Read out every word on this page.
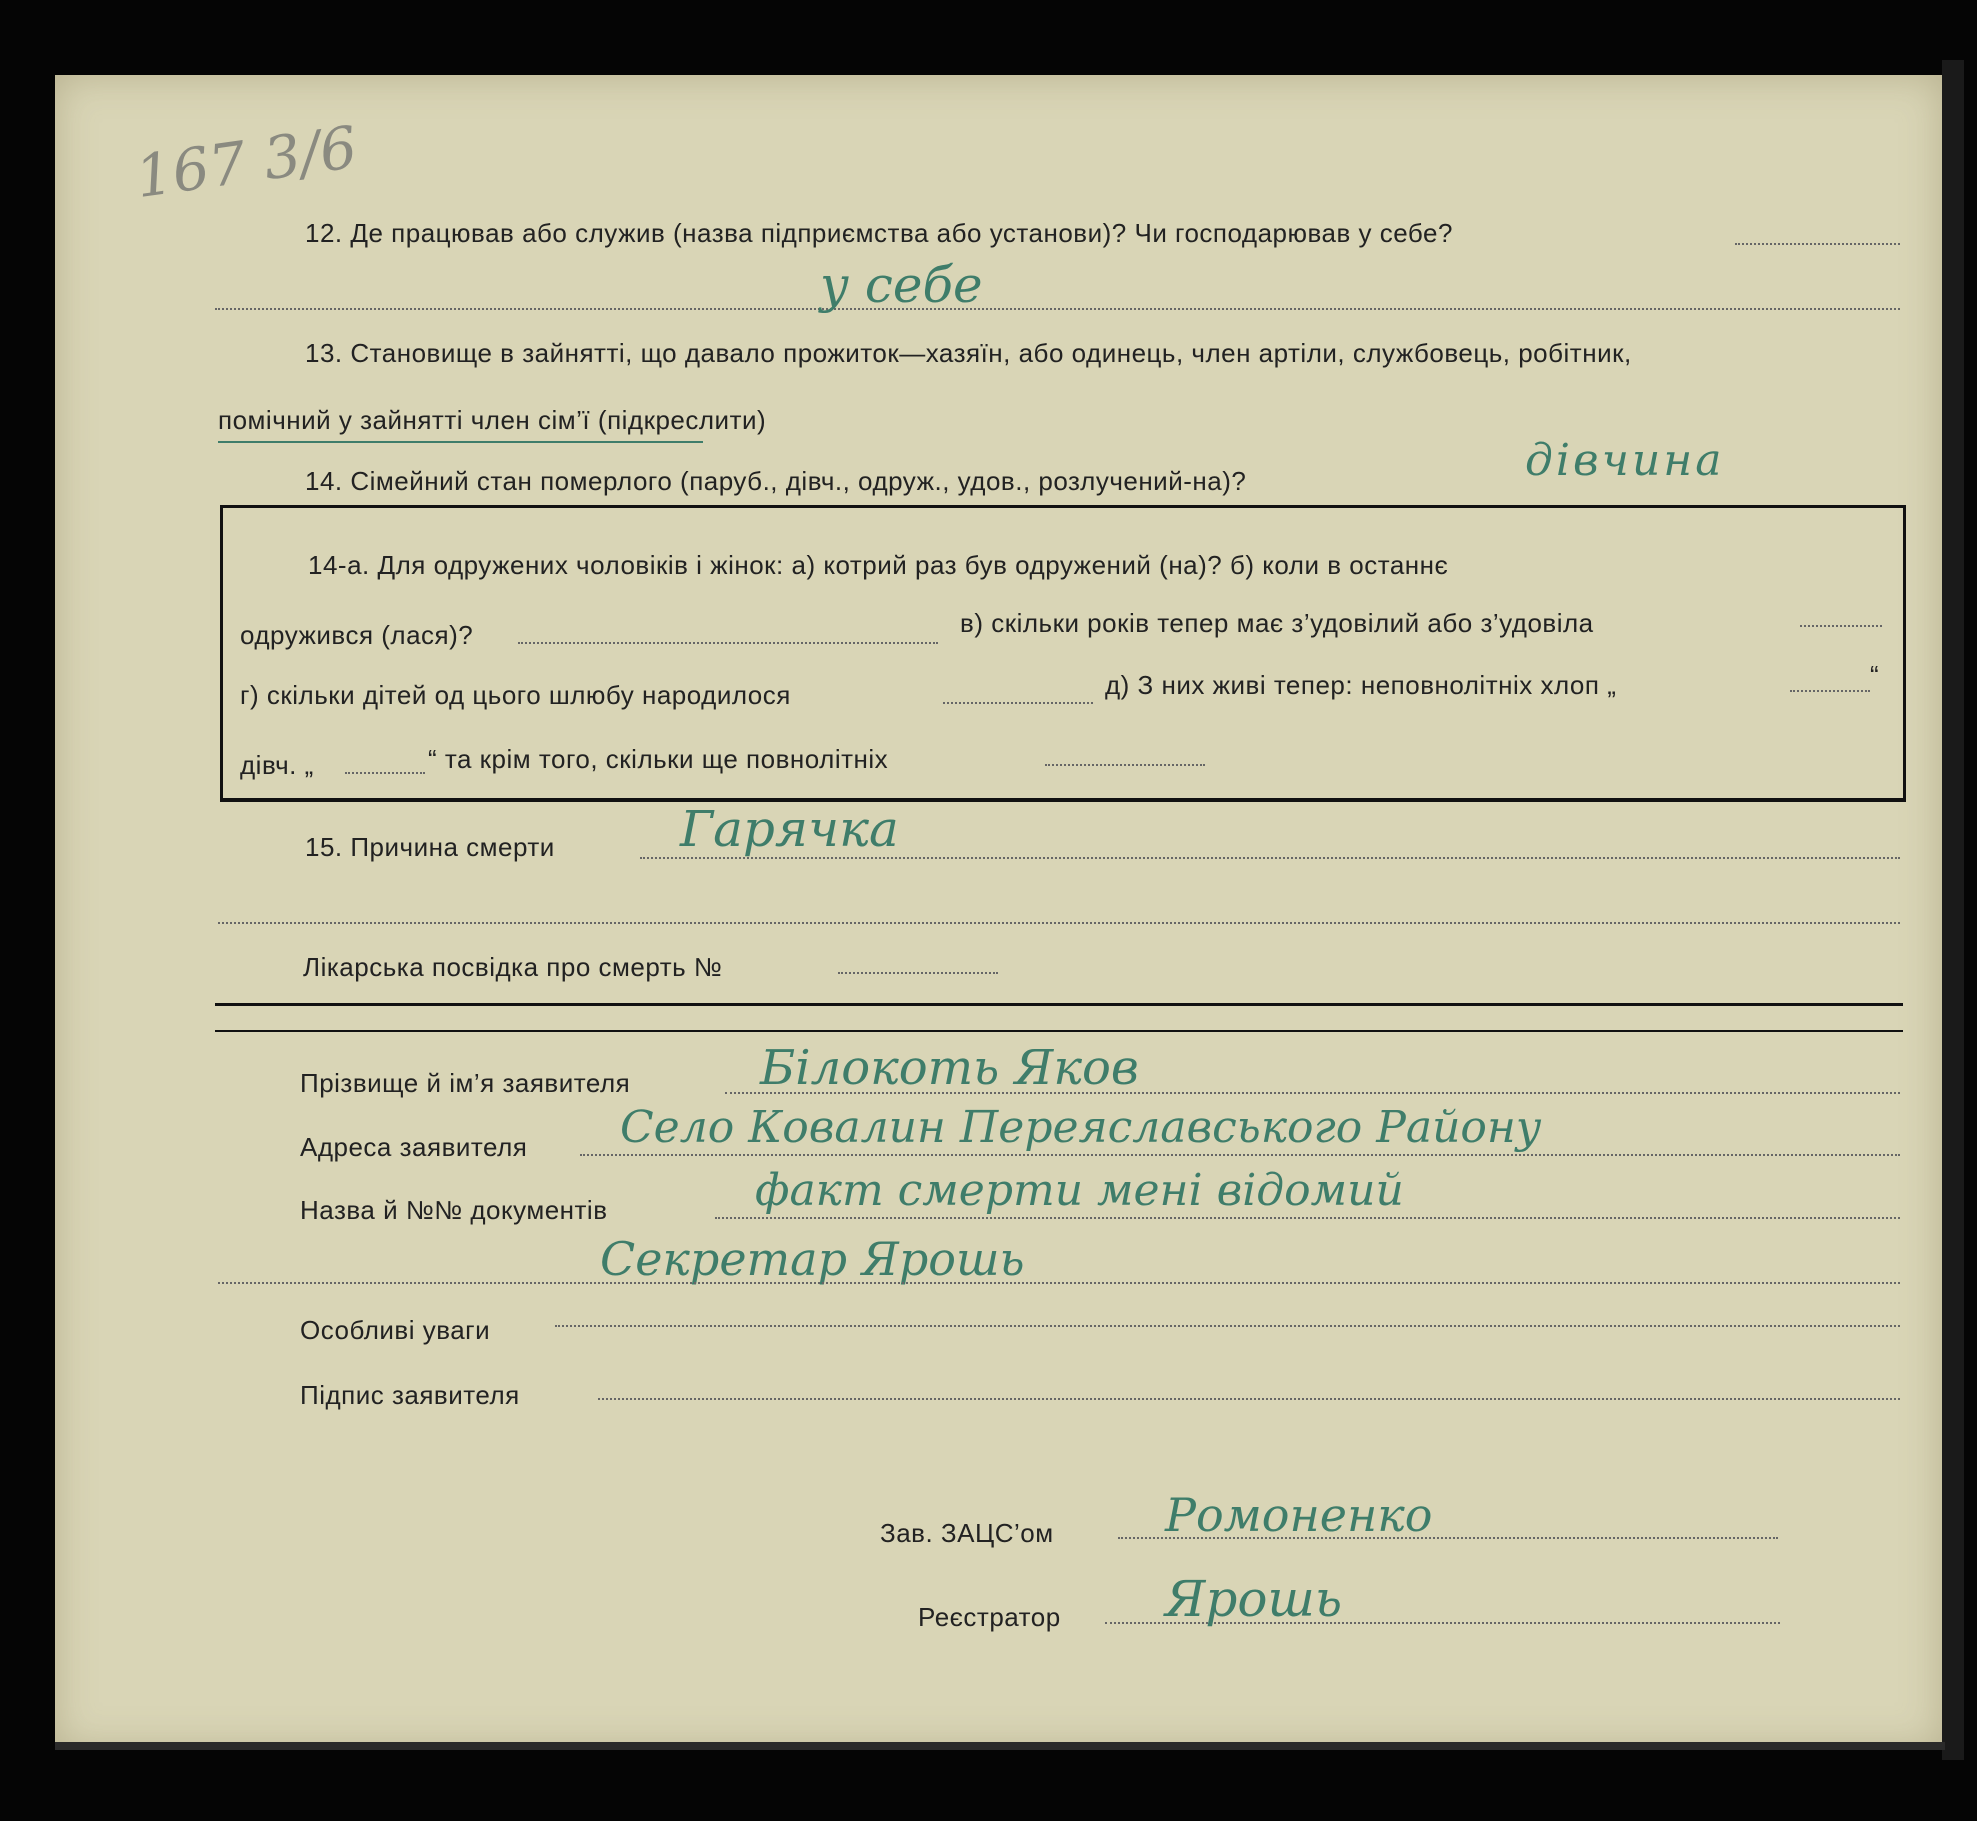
167 3/6
12. Де працював або служив (назва підприємства або установи)? Чи господарював у себе?
у себе
13. Становище в зайнятті, що давало прожиток—хазяїн, або одинець, член артіли, службовець, робітник,
помічний у зайнятті член сім’ї (підкреслити)
14. Сімейний стан померлого (паруб., дівч., одруж., удов., розлучений-на)?	дівчина
14-а. Для одружених чоловіків і жінок: а) котрий раз був одружений (на)? б) коли в останнє
одружився (лася)?	в) скільки років тепер має з’удовілий або з’удовіла
г) скільки дітей од цього шлюбу народилося	д) З них живі тепер: неповнолітніх хлоп „	“
дівч. „	“ та крім того, скільки ще повнолітніх
15. Причина смерти	Гарячка
Лікарська посвідка про смерть №
Прізвище й ім’я заявителя	Білокоть Яков
Адреса заявителя Село Ковалин Переяславського Району
Назва й №№ документів	факт смерти мені відомий
Секретар Ярошь
Особливі уваги
Підпис заявителя
Зав. ЗАЦС’ом Ромоненко
Реєстратор Ярошь
